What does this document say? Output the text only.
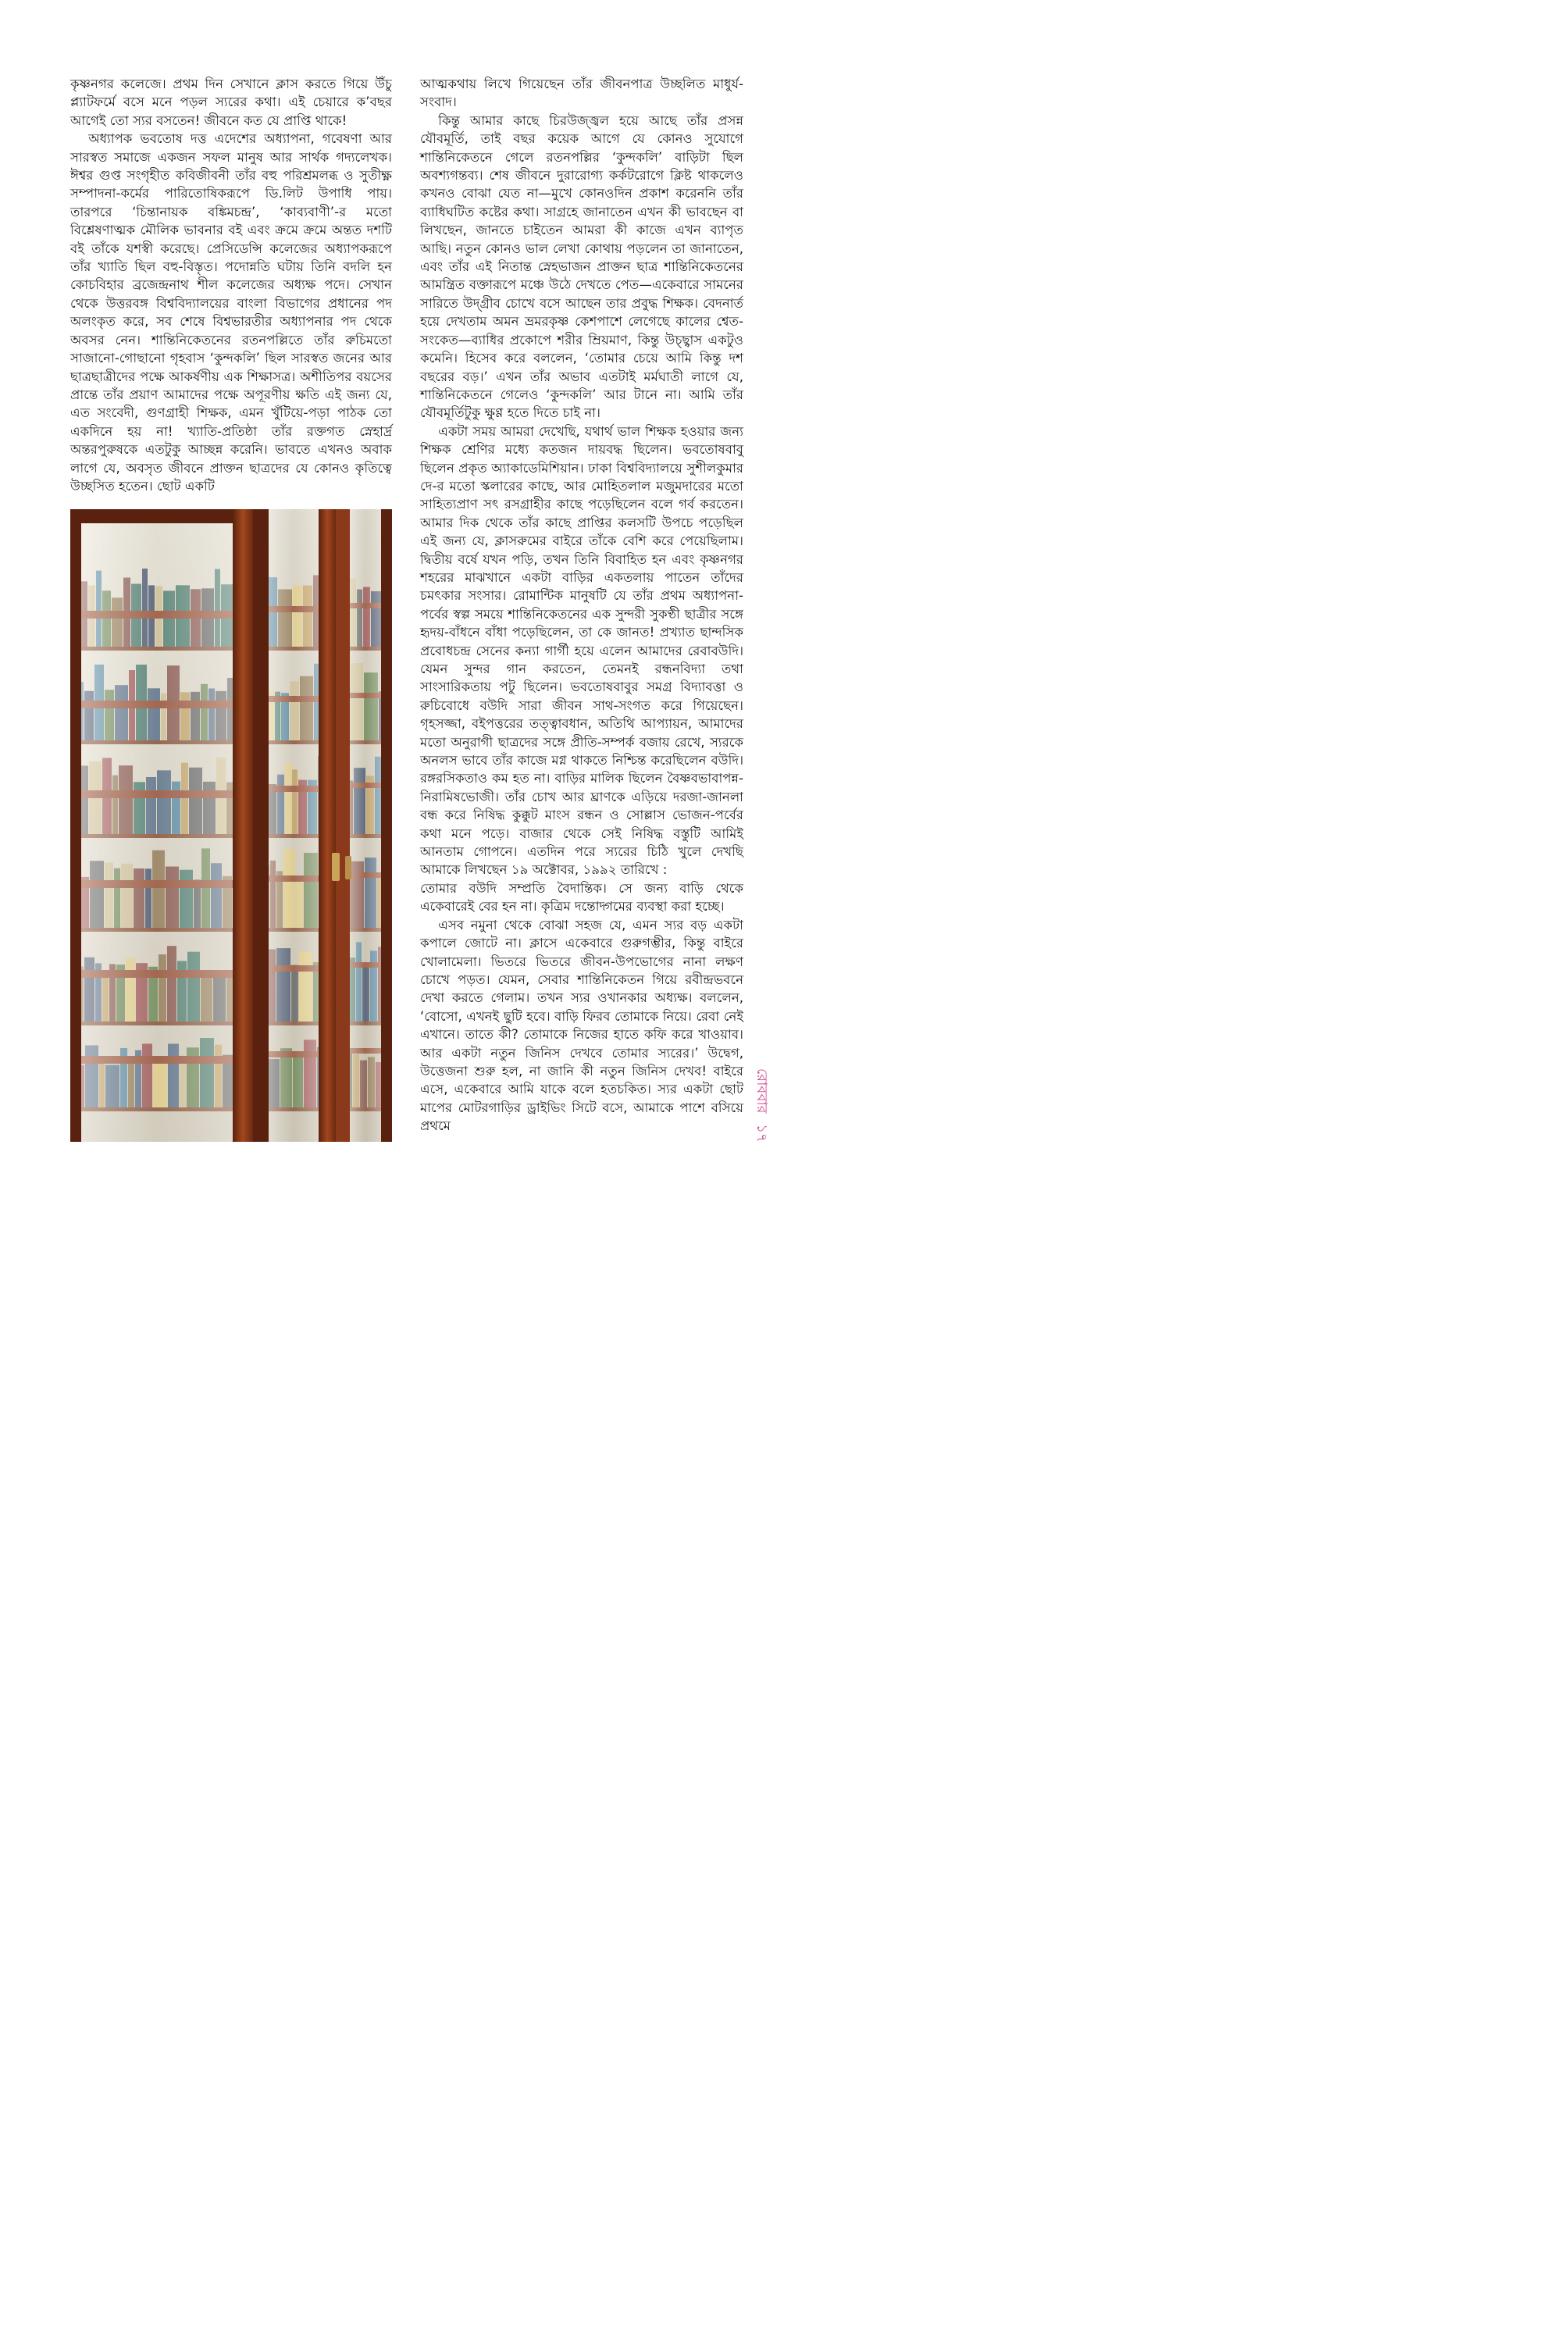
কৃষ্ণনগর কলেজে। প্রথম দিন সেখানে ক্লাস করতে গিয়ে উঁচু প্ল্যাটফর্মে বসে মনে পড়ল স্যরের কথা। এই চেয়ারে ক’বছর আগেই তো স্যর বসতেন! জীবনে কত যে প্রাপ্তি থাকে!

অধ্যাপক ভবতোষ দত্ত এদেশের অধ্যাপনা, গবেষণা আর সারস্বত সমাজে একজন সফল মানুষ আর সার্থক গদ্যলেখক। ঈশ্বর গুপ্ত সংগৃহীত কবিজীবনী তাঁর বহু পরিশ্রমলব্ধ ও সুতীক্ষ্ণ সম্পাদনা-কর্মের পারিতোষিকরূপে ডি.লিট উপাধি পায়। তারপরে ‘চিন্তানায়ক বঙ্কিমচন্দ্র’, ‘কাব্যবাণী’-র মতো বিশ্লেষণাত্মক মৌলিক ভাবনার বই এবং ক্রমে ক্রমে অন্তত দশটি বই তাঁকে যশস্বী করেছে। প্রেসিডেন্সি কলেজের অধ্যাপকরূপে তাঁর খ্যাতি ছিল বহু-বিস্তৃত। পদোন্নতি ঘটায় তিনি বদলি হন কোচবিহার ব্রজেন্দ্রনাথ শীল কলেজের অধ্যক্ষ পদে। সেখান থেকে উত্তরবঙ্গ বিশ্ববিদ্যালয়ের বাংলা বিভাগের প্রধানের পদ অলংকৃত করে, সব শেষে বিশ্বভারতীর অধ্যাপনার পদ থেকে অবসর নেন। শান্তিনিকেতনের রতনপল্লিতে তাঁর রুচিমতো সাজানো-গোছানো গৃহবাস ‘কুন্দকলি’ ছিল সারস্বত জনের আর ছাত্রছাত্রীদের পক্ষে আকর্ষণীয় এক শিক্ষাসত্র। অশীতিপর বয়সের প্রান্তে তাঁর প্রয়াণ আমাদের পক্ষে অপূরণীয় ক্ষতি এই জন্য যে, এত সংবেদী, গুণগ্রাহী শিক্ষক, এমন খুঁটিয়ে-পড়া পাঠক তো একদিনে হয় না! খ্যাতি-প্রতিষ্ঠা তাঁর রক্তগত স্নেহার্দ্র অন্তরপুরুষকে এতটুকু আচ্ছন্ন করেনি। ভাবতে এখনও অবাক লাগে যে, অবসৃত জীবনে প্রাক্তন ছাত্রদের যে কোনও কৃতিত্বে উচ্ছসিত হতেন। ছোট একটি

আত্মকথায় লিখে গিয়েছেন তাঁর জীবনপাত্র উচ্ছলিত মাধুর্য-সংবাদ।

কিন্তু আমার কাছে চিরউজ্জ্বল হয়ে আছে তাঁর প্রসন্ন যৌবমূর্তি, তাই বছর কয়েক আগে যে কোনও সুযোগে শান্তিনিকেতনে গেলে রতনপল্লির ‘কুন্দকলি’ বাড়িটা ছিল অবশ্যগন্তব্য। শেষ জীবনে দুরারোগ্য কর্কটরোগে ক্লিষ্ট থাকলেও কখনও বোঝা যেত না—মুখে কোনওদিন প্রকাশ করেননি তাঁর ব্যাধিঘটিত কষ্টের কথা। সাগ্রহে জানাতেন এখন কী ভাবছেন বা লিখছেন, জানতে চাইতেন আমরা কী কাজে এখন ব্যাপৃত আছি। নতুন কোনও ভাল লেখা কোথায় পড়লেন তা জানাতেন, এবং তাঁর এই নিতান্ত স্নেহভাজন প্রাক্তন ছাত্র শান্তিনিকেতনের আমন্ত্রিত বক্তারূপে মঞ্চে উঠে দেখতে পেত—একেবারে সামনের সারিতে উদ্গ্রীব চোখে বসে আছেন তার প্রবুদ্ধ শিক্ষক। বেদনার্ত হয়ে দেখতাম অমন ভ্রমরকৃষ্ণ কেশপাশে লেগেছে কালের শ্বেত-সংকেত—ব্যাধির প্রকোপে শরীর ম্রিয়মাণ, কিন্তু উচ্ছ্বাস একটুও কমেনি। হিসেব করে বললেন, ‘তোমার চেয়ে আমি কিন্তু দশ বছরের বড়।’ এখন তাঁর অভাব এতটাই মর্মঘাতী লাগে যে, শান্তিনিকেতনে গেলেও ‘কুন্দকলি’ আর টানে না। আমি তাঁর যৌবমূর্তিটুকু ক্ষুণ্ণ হতে দিতে চাই না।

একটা সময় আমরা দেখেছি, যথার্থ ভাল শিক্ষক হওয়ার জন্য শিক্ষক শ্রেণির মধ্যে কতজন দায়বদ্ধ ছিলেন। ভবতোষবাবু ছিলেন প্রকৃত অ্যাকাডেমিশিয়ান। ঢাকা বিশ্ববিদ্যালয়ে সুশীলকুমার দে-র মতো স্কলারের কাছে, আর মোহিতলাল মজুমদারের মতো সাহিত্যপ্রাণ সৎ রসগ্রাহীর কাছে পড়েছিলেন বলে গর্ব করতেন। আমার দিক থেকে তাঁর কাছে প্রাপ্তির কলসটি উপচে পড়েছিল এই জন্য যে, ক্লাসরুমের বাইরে তাঁকে বেশি করে পেয়েছিলাম। দ্বিতীয় বর্ষে যখন পড়ি, তখন তিনি বিবাহিত হন এবং কৃষ্ণনগর শহরের মাঝখানে একটা বাড়ির একতলায় পাতেন তাঁদের চমৎকার সংসার। রোমান্টিক মানুষটি যে তাঁর প্রথম অধ্যাপনা-পর্বের স্বল্প সময়ে শান্তিনিকেতনের এক সুন্দরী সুকণ্ঠী ছাত্রীর সঙ্গে হৃদয়-বাঁধনে বাঁধা পড়েছিলেন, তা কে জানত! প্রখ্যাত ছান্দসিক প্রবোধচন্দ্র সেনের কন্যা গার্গী হয়ে এলেন আমাদের রেবাবউদি। যেমন সুন্দর গান করতেন, তেমনই রন্ধনবিদ্যা তথা সাংসারিকতায় পটু ছিলেন। ভবতোষবাবুর সমগ্র বিদ্যাবত্তা ও রুচিবোধে বউদি সারা জীবন সাথ-সংগত করে গিয়েছেন। গৃহসজ্জা, বইপত্তরের তত্ত্বাবধান, অতিথি আপ্যায়ন, আমাদের মতো অনুরাগী ছাত্রদের সঙ্গে প্রীতি-সম্পর্ক বজায় রেখে, স্যরকে অনলস ভাবে তাঁর কাজে মগ্ন থাকতে নিশ্চিন্ত করেছিলেন বউদি। রঙ্গরসিকতাও কম হত না। বাড়ির মালিক ছিলেন বৈষ্ণবভাবাপন্ন-নিরামিষভোজী। তাঁর চোখ আর ঘ্রাণকে এড়িয়ে দরজা-জানলা বন্ধ করে নিষিদ্ধ কুক্কুট মাংস রন্ধন ও সোল্লাস ভোজন-পর্বের কথা মনে পড়ে। বাজার থেকে সেই নিষিদ্ধ বস্তুটি আমিই আনতাম গোপনে। এতদিন পরে স্যরের চিঠি খুলে দেখছি আমাকে লিখছেন ১৯ অক্টোবর, ১৯৯২ তারিখে :

তোমার বউদি সম্প্রতি বৈদান্তিক। সে জন্য বাড়ি থেকে একেবারেই বের হন না। কৃত্রিম দন্তোদ্গমের ব্যবস্থা করা হচ্ছে।

এসব নমুনা থেকে বোঝা সহজ যে, এমন স্যর বড় একটা কপালে জোটে না। ক্লাসে একেবারে গুরুগম্ভীর, কিন্তু বাইরে খোলামেলা। ভিতরে ভিতরে জীবন-উপভোগের নানা লক্ষণ চোখে পড়ত। যেমন, সেবার শান্তিনিকেতন গিয়ে রবীন্দ্রভবনে দেখা করতে গেলাম। তখন স্যর ওখানকার অধ্যক্ষ। বললেন, ‘বোসো, এখনই ছুটি হবে। বাড়ি ফিরব তোমাকে নিয়ে। রেবা নেই এখানে। তাতে কী? তোমাকে নিজের হাতে কফি করে খাওয়াব। আর একটা নতুন জিনিস দেখবে তোমার স্যরের।’ উদ্বেগ, উত্তেজনা শুরু হল, না জানি কী নতুন জিনিস দেখব! বাইরে এসে, একেবারে আমি যাকে বলে হতচকিত। স্যর একটা ছোট মাপের মোটরগাড়ির ড্রাইভিং সিটে বসে, আমাকে পাশে বসিয়ে প্রথমে

রোববার ১৭
